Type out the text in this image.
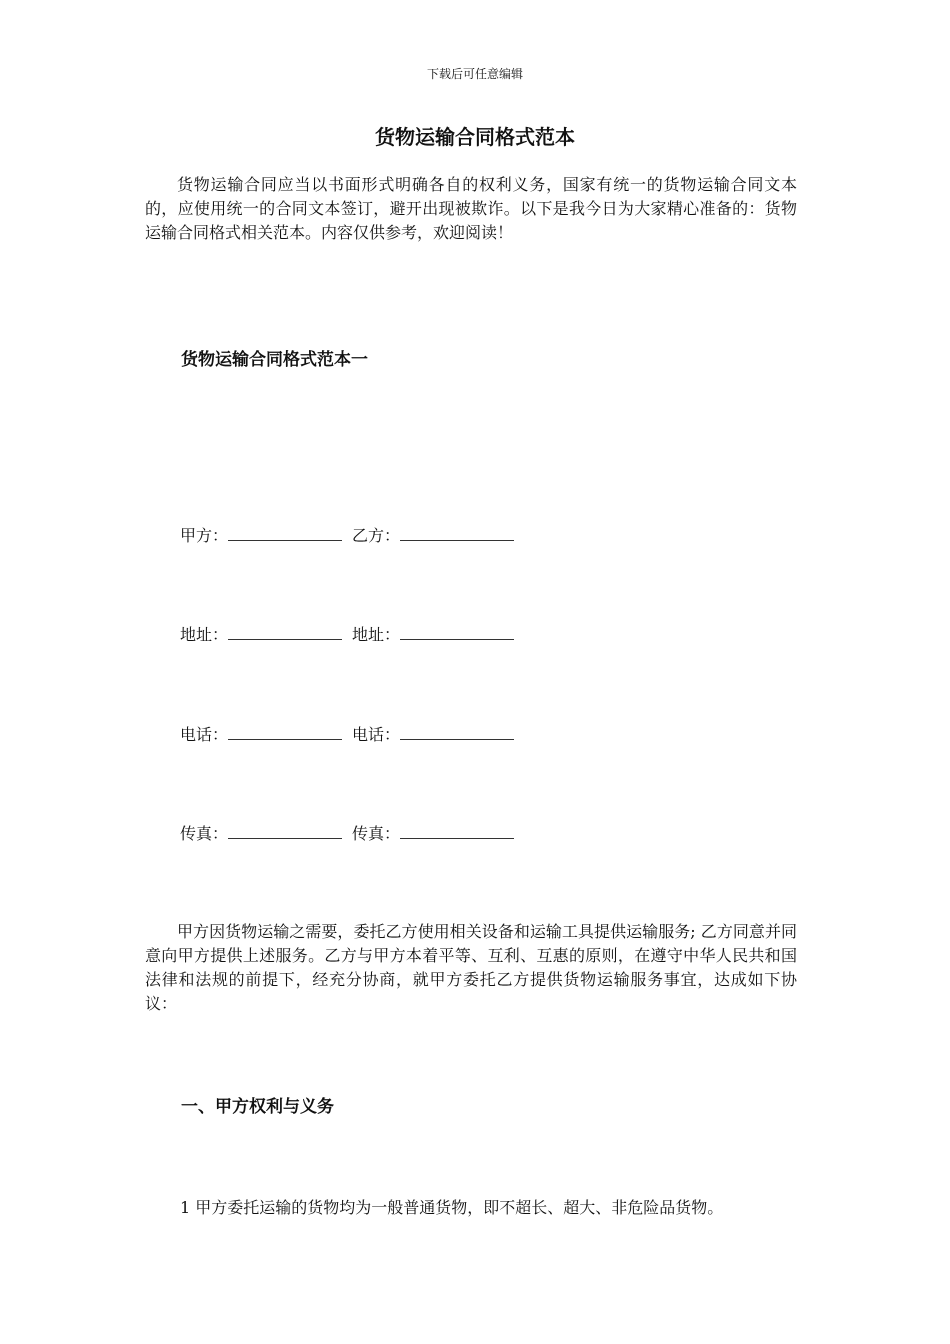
下载后可任意编辑
货物运输合同格式范本

货物运输合同应当以书面形式明确各自的权利义务，国家有统一的货物运输合同文本的，应使用统一的合同文本签订，避开出现被欺诈。以下是我今日为大家精心准备的：货物运输合同格式相关范本。内容仅供参考，欢迎阅读！

货物运输合同格式范本一
甲方：	乙方：
地址：	地址：
电话：	电话：
传真：	传真：

甲方因货物运输之需要，委托乙方使用相关设备和运输工具提供运输服务; 乙方同意并同意向甲方提供上述服务。乙方与甲方本着平等、互利、互惠的原则，在遵守中华人民共和国法律和法规的前提下，经充分协商，就甲方委托乙方提供货物运输服务事宜，达成如下协议：

一、甲方权利与义务

1 甲方委托运输的货物均为一般普通货物，即不超长、超大、非危险品货物。
